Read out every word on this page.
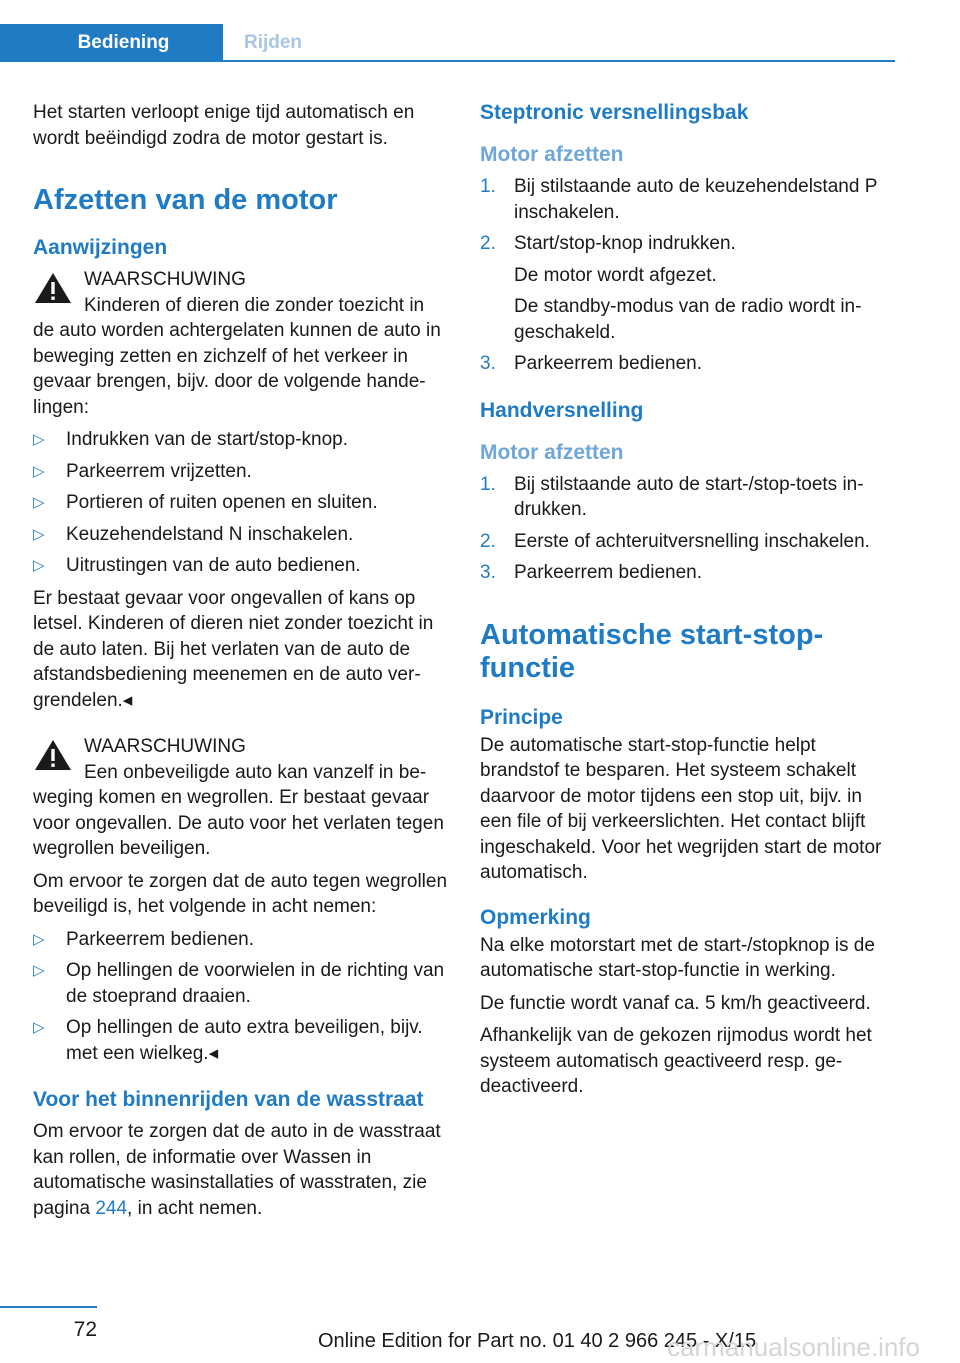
Bediening	Rijden

Het starten verloopt enige tijd automatisch en wordt beëindigd zodra de motor gestart is.

Afzetten van de motor
Aanwijzingen
WAARSCHUWING

Kinderen of dieren die zonder toezicht in de auto worden achtergelaten kunnen de auto in beweging zetten en zichzelf of het verkeer in gevaar brengen, bijv. door de volgende handelingen:

▷ Indrukken van de start/stop-knop.
▷ Parkeerrem vrijzetten.
▷ Portieren of ruiten openen en sluiten.
▷ Keuzehendelstand N inschakelen.
▷ Uitrustingen van de auto bedienen.

Er bestaat gevaar voor ongevallen of kans op letsel. Kinderen of dieren niet zonder toezicht in de auto laten. Bij het verlaten van de auto de afstandsbediening meenemen en de auto vergrendelen.◂

WAARSCHUWING

Een onbeveiligde auto kan vanzelf in beweging komen en wegrollen. Er bestaat gevaar voor ongevallen. De auto voor het verlaten tegen wegrollen beveiligen.

Om ervoor te zorgen dat de auto tegen wegrollen beveiligd is, het volgende in acht nemen:

▷ Parkeerrem bedienen.
▷ Op hellingen de voorwielen in de richting van de stoeprand draaien.
▷ Op hellingen de auto extra beveiligen, bijv. met een wielkeg.◂
Voor het binnenrijden van de wasstraat

Om ervoor te zorgen dat de auto in de wasstraat kan rollen, de informatie over Wassen in automatische wasinstallaties of wasstraten, zie pagina 244, in acht nemen.

Steptronic versnellingsbak
Motor afzetten
1. Bij stilstaande auto de keuzehendelstand P inschakelen.
2. Start/stop-knop indrukken.
De motor wordt afgezet.
De standby-modus van de radio wordt ingeschakeld.
3. Parkeerrem bedienen.
Handversnelling
Motor afzetten
1. Bij stilstaande auto de start-/stop-toets indrukken.
2. Eerste of achteruitversnelling inschakelen.
3. Parkeerrem bedienen.
Automatische start-stop-functie
Principe

De automatische start-stop-functie helpt brandstof te besparen. Het systeem schakelt daarvoor de motor tijdens een stop uit, bijv. in een file of bij verkeerslichten. Het contact blijft ingeschakeld. Voor het wegrijden start de motor automatisch.

Opmerking

Na elke motorstart met de start-/stopknop is de automatische start-stop-functie in werking.

De functie wordt vanaf ca. 5 km/h geactiveerd.

Afhankelijk van de gekozen rijmodus wordt het systeem automatisch geactiveerd resp. gedeactiveerd.

72	Online Edition for Part no. 01 40 2 966 245 - X/15
carmanualsonline.info
